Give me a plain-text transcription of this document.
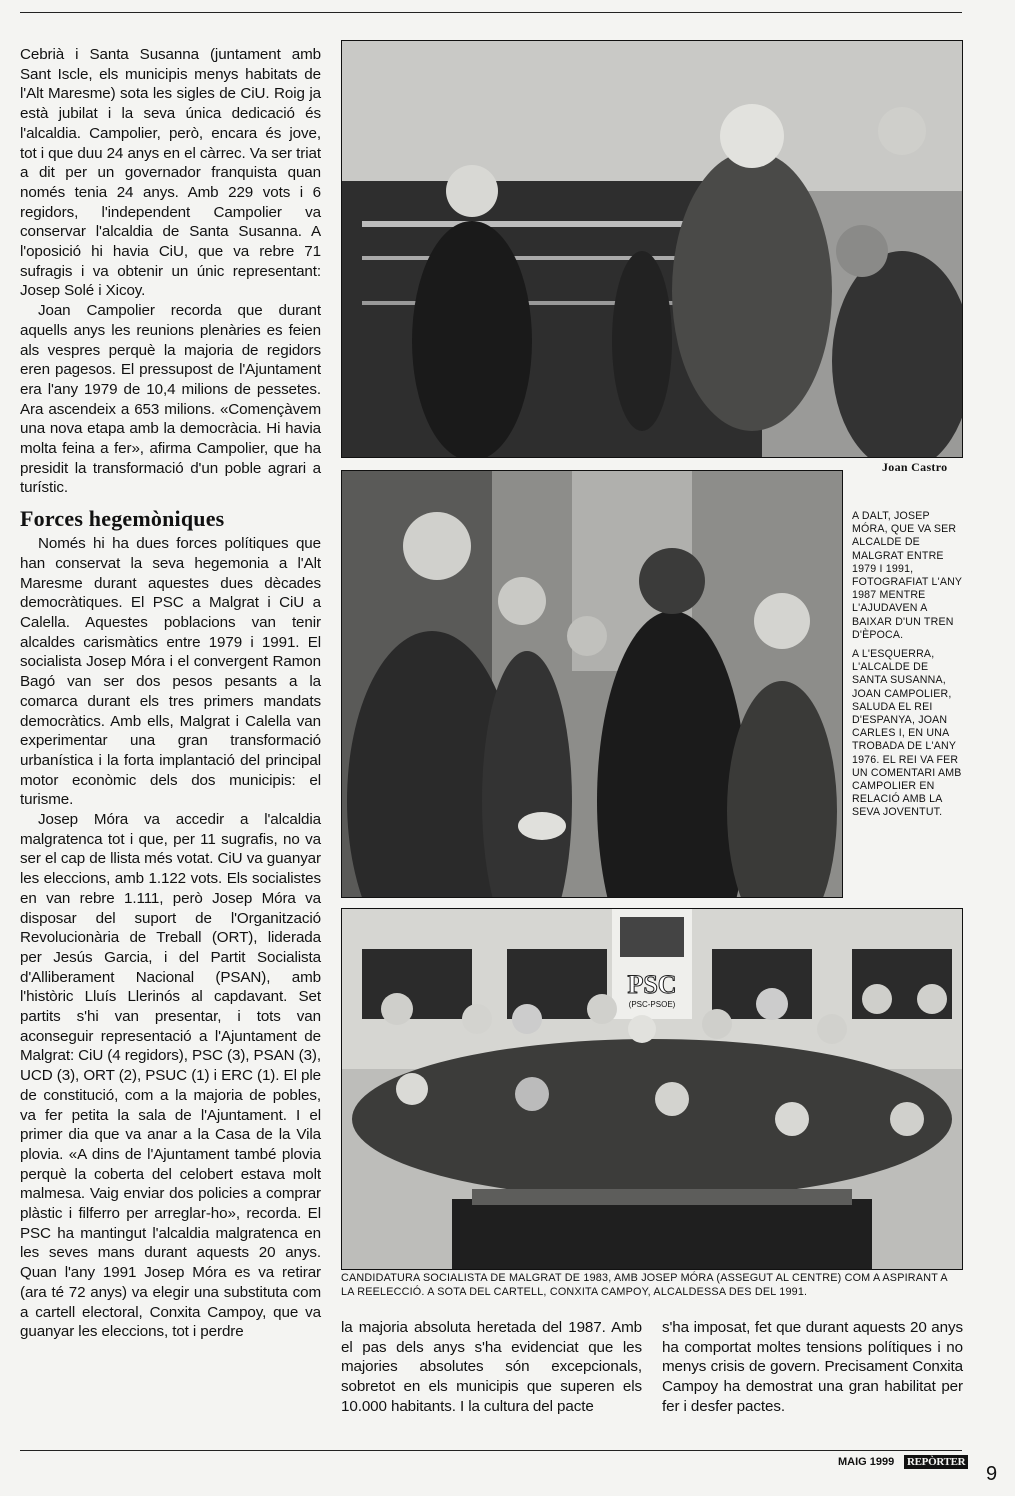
Cebrià i Santa Susanna (juntament amb Sant Iscle, els municipis menys habitats de l'Alt Maresme) sota les sigles de CiU. Roig ja està jubilat i la seva única dedicació és l'alcaldia. Campolier, però, encara és jove, tot i que duu 24 anys en el càrrec. Va ser triat a dit per un governador franquista quan només tenia 24 anys. Amb 229 vots i 6 regidors, l'independent Campolier va conservar l'alcaldia de Santa Susanna. A l'oposició hi havia CiU, que va rebre 71 sufragis i va obtenir un únic representant: Josep Solé i Xicoy.

Joan Campolier recorda que durant aquells anys les reunions plenàries es feien als vespres perquè la majoria de regidors eren pagesos. El pressupost de l'Ajuntament era l'any 1979 de 10,4 milions de pessetes. Ara ascendeix a 653 milions. «Començàvem una nova etapa amb la democràcia. Hi havia molta feina a fer», afirma Campolier, que ha presidit la transformació d'un poble agrari a turístic.

Forces hegemòniques

Només hi ha dues forces polítiques que han conservat la seva hegemonia a l'Alt Maresme durant aquestes dues dècades democràtiques. El PSC a Malgrat i CiU a Calella. Aquestes poblacions van tenir alcaldes carismàtics entre 1979 i 1991. El socialista Josep Móra i el convergent Ramon Bagó van ser dos pesos pesants a la comarca durant els tres primers mandats democràtics. Amb ells, Malgrat i Calella van experimentar una gran transformació urbanística i la forta implantació del principal motor econòmic dels dos municipis: el turisme.

Josep Móra va accedir a l'alcaldia malgratenca tot i que, per 11 sugrafis, no va ser el cap de llista més votat. CiU va guanyar les eleccions, amb 1.122 vots. Els socialistes en van rebre 1.111, però Josep Móra va disposar del suport de l'Organització Revolucionària de Treball (ORT), liderada per Jesús Garcia, i del Partit Socialista d'Alliberament Nacional (PSAN), amb l'històric Lluís Llerinós al capdavant. Set partits s'hi van presentar, i tots van aconseguir representació a l'Ajuntament de Malgrat: CiU (4 regidors), PSC (3), PSAN (3), UCD (3), ORT (2), PSUC (1) i ERC (1). El ple de constitució, com a la majoria de pobles, va fer petita la sala de l'Ajuntament. I el primer dia que va anar a la Casa de la Vila plovia. «A dins de l'Ajuntament també plovia perquè la coberta del celobert estava molt malmesa. Vaig enviar dos policies a comprar plàstic i filferro per arreglar-ho», recorda. El PSC ha mantingut l'alcaldia malgratenca en les seves mans durant aquests 20 anys. Quan l'any 1991 Josep Móra es va retirar (ara té 72 anys) va elegir una substituta com a cartell electoral, Conxita Campoy, que va guanyar les eleccions, tot i perdre

Joan Castro

A DALT, JOSEP MÓRA, QUE VA SER ALCALDE DE MALGRAT ENTRE 1979 I 1991, FOTOGRAFIAT L'ANY 1987 MENTRE L'AJUDAVEN A BAIXAR D'UN TREN D'ÈPOCA.

A L'ESQUERRA, L'ALCALDE DE SANTA SUSANNA, JOAN CAMPOLIER, SALUDA EL REI D'ESPANYA, JOAN CARLES I, EN UNA TROBADA DE L'ANY 1976. EL REI VA FER UN COMENTARI AMB CAMPOLIER EN RELACIÓ AMB LA SEVA JOVENTUT.

PSC
(PSC-PSOE)
CANDIDATURA SOCIALISTA DE MALGRAT DE 1983, AMB JOSEP MÓRA (ASSEGUT AL CENTRE) COM A ASPIRANT A LA REELECCIÓ. A SOTA DEL CARTELL, CONXITA CAMPOY, ALCALDESSA DES DEL 1991.

la majoria absoluta heretada del 1987. Amb el pas dels anys s'ha evidenciat que les majories absolutes són excepcionals, sobretot en els municipis que superen els 10.000 habitants. I la cultura del pacte

s'ha imposat, fet que durant aquests 20 anys ha comportat moltes tensions polítiques i no menys crisis de govern. Precisament Conxita Campoy ha demostrat una gran habilitat per fer i desfer pactes.

MAIG 1999 REPÒRTER
9
